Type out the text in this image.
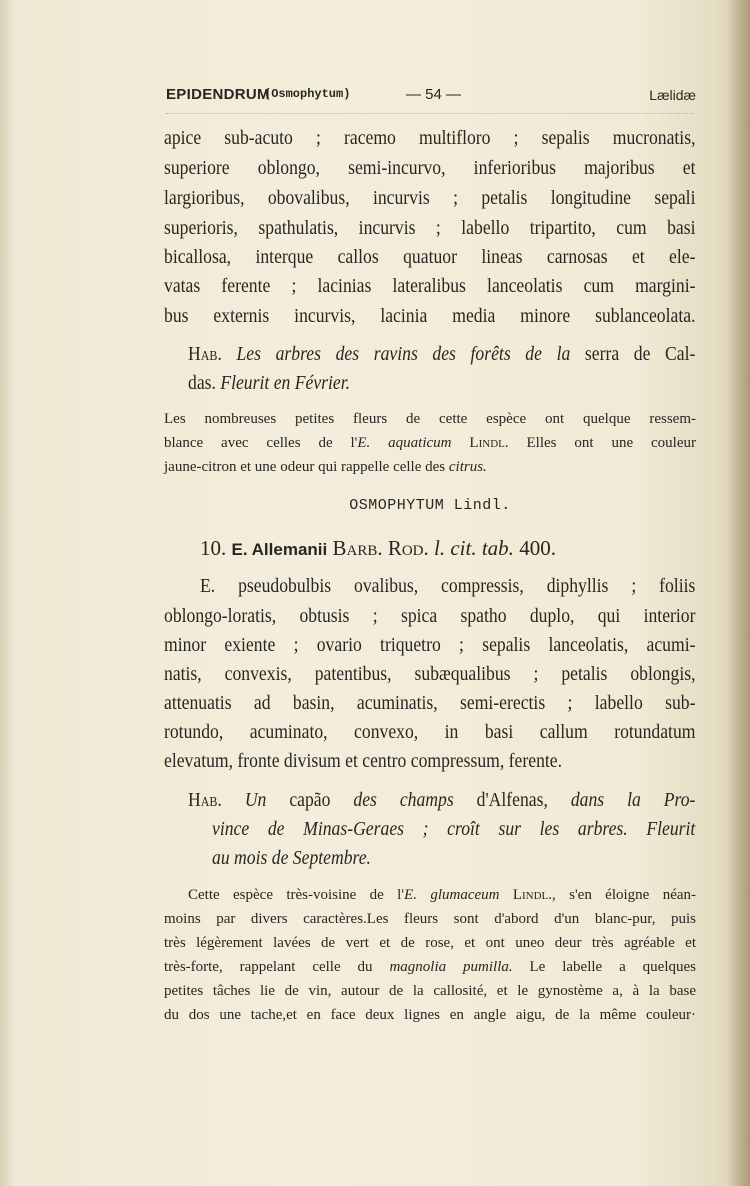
EPIDENDRUM
(Osmophytum)	— 54 —	Lælidæ

apice sub-acuto ; racemo multifloro ; sepalis mucronatis,

superiore oblongo, semi-incurvo, inferioribus majoribus et

largioribus, obovalibus, incurvis ; petalis longitudine sepali

superioris, spathulatis, incurvis ; labello tripartito, cum basi

bicallosa, interque callos quatuor lineas carnosas et ele-

vatas ferente ; lacinias lateralibus lanceolatis cum margini-

bus externis incurvis, lacinia media minore sublanceolata.

Hab. Les arbres des ravins des forêts de la serra de Cal-

das. Fleurit en Février.

Les nombreuses petites fleurs de cette espèce ont quelque ressem-

blance avec celles de l'E. aquaticum Lindl. Elles ont une couleur

jaune-citron et une odeur qui rappelle celle des citrus.

OSMOPHYTUM Lindl.
10. E. Allemanii Barb. Rod. l. cit. tab. 400.

E. pseudobulbis ovalibus, compressis, diphyllis ; foliis

oblongo-loratis, obtusis ; spica spatho duplo, qui interior

minor exiente ; ovario triquetro ; sepalis lanceolatis, acumi-

natis, convexis, patentibus, subæqualibus ; petalis oblongis,

attenuatis ad basin, acuminatis, semi-erectis ; labello sub-

rotundo, acuminato, convexo, in basi callum rotundatum

elevatum, fronte divisum et centro compressum, ferente.

Hab. Un capão des champs d'Alfenas, dans la Pro-

vince de Minas-Geraes ; croît sur les arbres. Fleurit

au mois de Septembre.

Cette espèce très-voisine de l'E. glumaceum Lindl., s'en éloigne néan-

moins par divers caractères.Les fleurs sont d'abord d'un blanc-pur, puis

très légèrement lavées de vert et de rose, et ont uneo deur très agréable et

très-forte, rappelant celle du magnolia pumilla. Le labelle a quelques

petites tâches lie de vin, autour de la callosité, et le gynostème a, à la base

du dos une tache,et en face deux lignes en angle aigu, de la même couleur·
